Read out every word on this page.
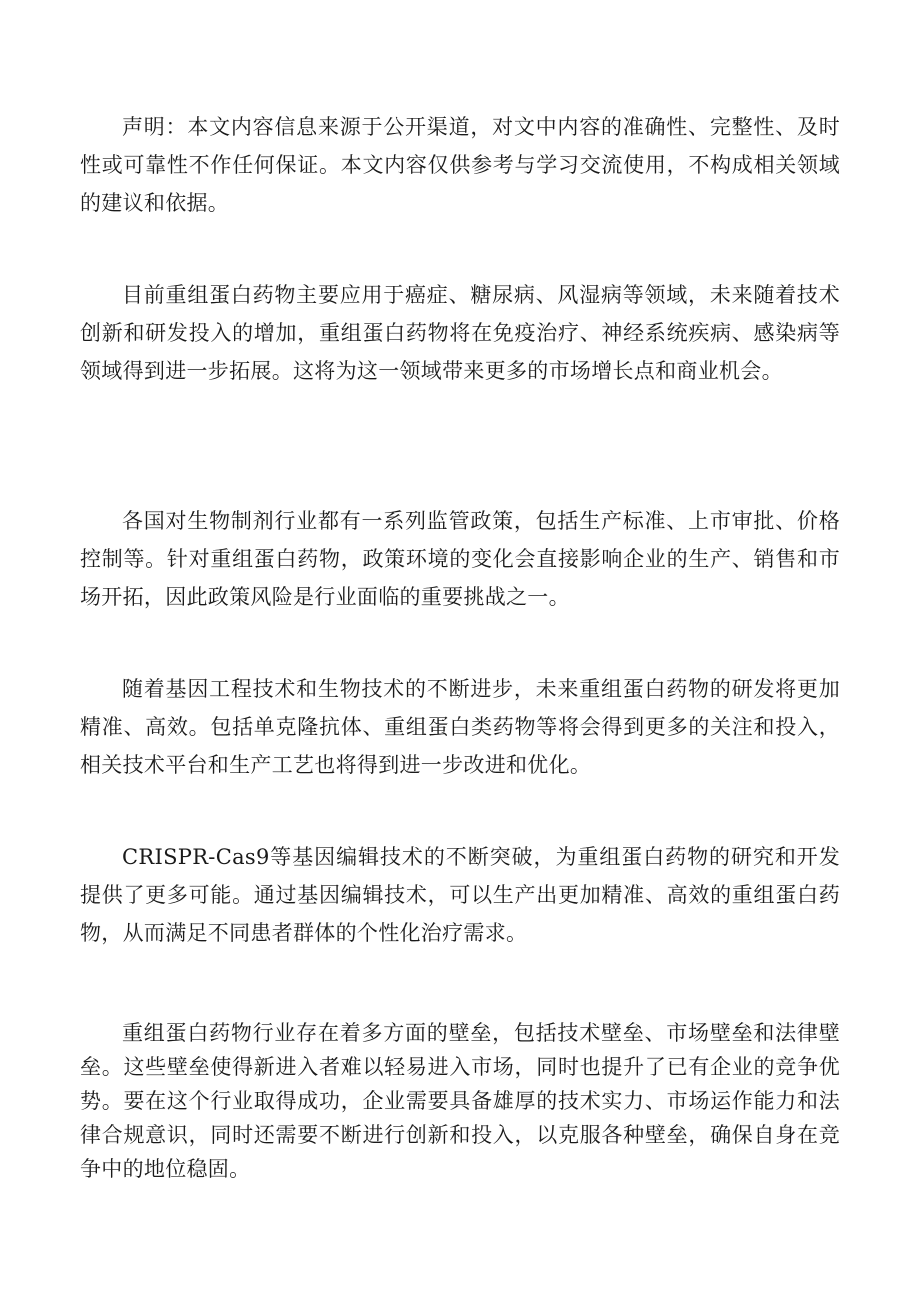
声明：本文内容信息来源于公开渠道，对文中内容的准确性、完整性、及时性或可靠性不作任何保证。本文内容仅供参考与学习交流使用，不构成相关领域的建议和依据。

目前重组蛋白药物主要应用于癌症、糖尿病、风湿病等领域，未来随着技术创新和研发投入的增加，重组蛋白药物将在免疫治疗、神经系统疾病、感染病等领域得到进一步拓展。这将为这一领域带来更多的市场增长点和商业机会。

各国对生物制剂行业都有一系列监管政策，包括生产标准、上市审批、价格控制等。针对重组蛋白药物，政策环境的变化会直接影响企业的生产、销售和市场开拓，因此政策风险是行业面临的重要挑战之一。

随着基因工程技术和生物技术的不断进步，未来重组蛋白药物的研发将更加精准、高效。包括单克隆抗体、重组蛋白类药物等将会得到更多的关注和投入，相关技术平台和生产工艺也将得到进一步改进和优化。

CRISPR-Cas9等基因编辑技术的不断突破，为重组蛋白药物的研究和开发提供了更多可能。通过基因编辑技术，可以生产出更加精准、高效的重组蛋白药物，从而满足不同患者群体的个性化治疗需求。

重组蛋白药物行业存在着多方面的壁垒，包括技术壁垒、市场壁垒和法律壁垒。这些壁垒使得新进入者难以轻易进入市场，同时也提升了已有企业的竞争优势。要在这个行业取得成功，企业需要具备雄厚的技术实力、市场运作能力和法律合规意识，同时还需要不断进行创新和投入，以克服各种壁垒，确保自身在竞争中的地位稳固。
